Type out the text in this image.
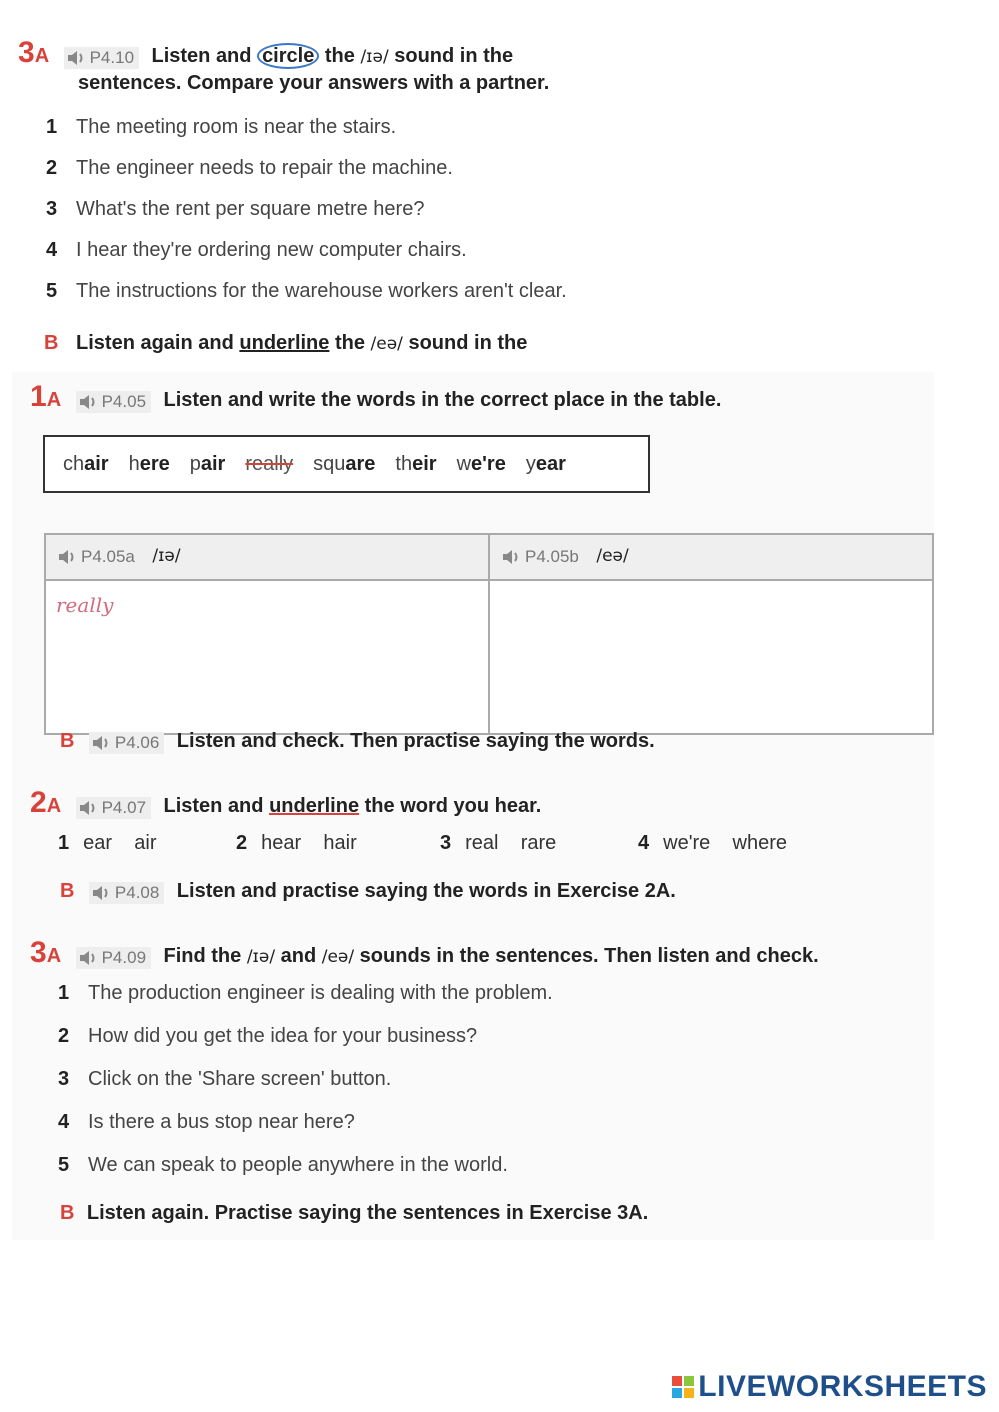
3A P4.10 Listen and circle the /ɪə/ sound in the
sentences. Compare your answers with a partner.
1 The meeting room is near the stairs.
2 The engineer needs to repair the machine.
3 What's the rent per square metre here?
4 I hear they're ordering new computer chairs.
5 The instructions for the warehouse workers aren't clear.
B Listen again and underline the /eə/ sound in the
1A P4.05 Listen and write the words in the correct place in the table.
chair here pair really square their we're year
P4.05a /ɪə/	P4.05b /eə/
really	
B P4.06 Listen and check. Then practise saying the words.
2A P4.07 Listen and underline the word you hear.
1 ear air	2 hear hair	3 real rare	4 we're where
B P4.08 Listen and practise saying the words in Exercise 2A.
3A P4.09 Find the /ɪə/ and /eə/ sounds in the sentences. Then listen and check.
1 The production engineer is dealing with the problem.
2 How did you get the idea for your business?
3 Click on the 'Share screen' button.
4 Is there a bus stop near here?
5 We can speak to people anywhere in the world.
B Listen again. Practise saying the sentences in Exercise 3A.
LIVEWORKSHEETS
